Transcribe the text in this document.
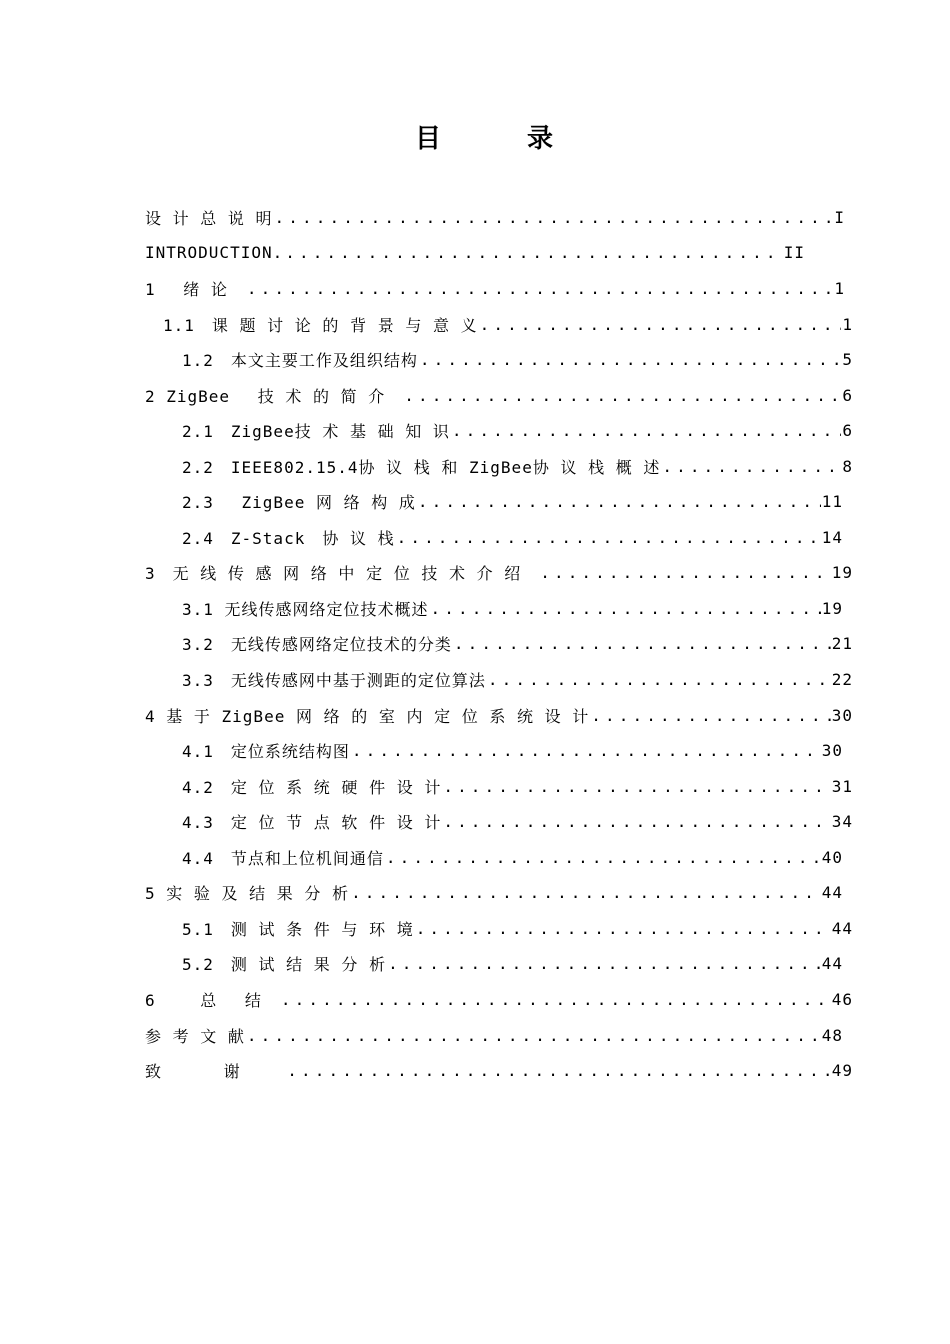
目　录
设 计 总 说 明 .....	I
INTRODUCTION. .....	II
1　 绪 论　 .....	1
1.1　课 题 讨 论 的 背 景 与 意 义 .....	1
1.2　本文主要工作及组织结构 .....	5
2 ZigBee　 技 术 的 简 介　 .....	6
2.1　ZigBee技 术 基 础 知 识 .....	6
2.2　IEEE802.15.4协 议 栈 和 ZigBee协 议 栈 概 述 .....	8
2.3　 ZigBee 网 络 构 成 .....	11
2.4　Z-Stack　协 议 栈 .....	14
3　无 线 传 感 网 络 中 定 位 技 术 介 绍　 .....	19
3.1 无线传感网络定位技术概述 .....	19
3.2　无线传感网络定位技术的分类 .....	21
3.3　无线传感网中基于测距的定位算法 .....	22
4 基 于 ZigBee 网 络 的 室 内 定 位 系 统 设 计 .....	30
4.1　定位系统结构图 .....	30
4.2　定 位 系 统 硬 件 设 计 .....	31
4.3　定 位 节 点 软 件 设 计 .....	34
4.4　节点和上位机间通信 .....	40
5 实 验 及 结 果 分 析 .....	44
5.1　测 试 条 件 与 环 境 .....	44
5.2　测 试 结 果 分 析 .....	44
6　　 总　 结　 .....	46
参 考 文 献 .....	48
致　　　 谢　 　 .....	49
